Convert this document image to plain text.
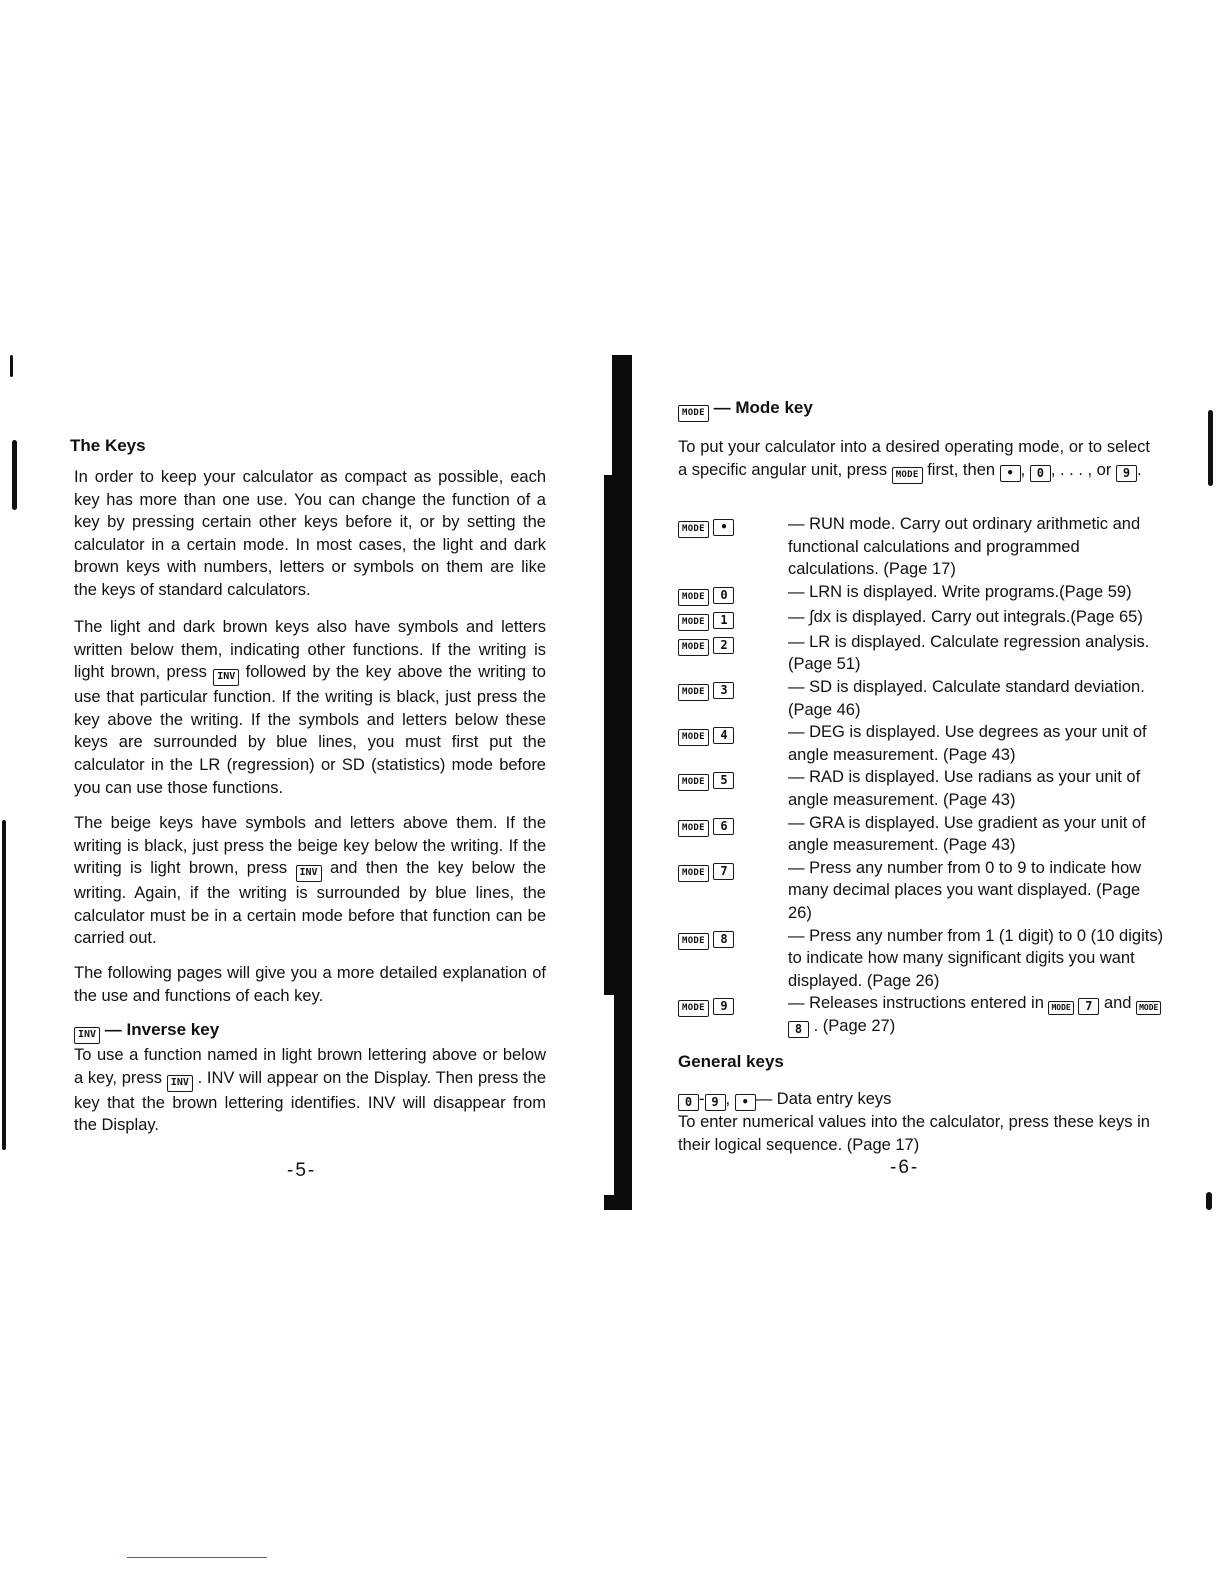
The Keys

In order to keep your calculator as compact as possible, each key has more than one use. You can change the function of a key by pressing certain other keys before it, or by setting the calculator in a certain mode. In most cases, the light and dark brown keys with numbers, letters or symbols on them are like the keys of standard calculators.

The light and dark brown keys also have symbols and letters written below them, indicating other functions. If the writing is light brown, press INV followed by the key above the writing to use that particular function. If the writing is black, just press the key above the writing. If the symbols and letters below these keys are surrounded by blue lines, you must first put the calculator in the LR (regression) or SD (statistics) mode before you can use those functions.

The beige keys have symbols and letters above them. If the writing is black, just press the beige key below the writing. If the writing is light brown, press INV and then the key below the writing. Again, if the writing is surrounded by blue lines, the calculator must be in a certain mode before that function can be carried out.

The following pages will give you a more detailed explanation of the use and functions of each key.

INV — Inverse key

To use a function named in light brown lettering above or below a key, press INV . INV will appear on the Display. Then press the key that the brown lettering identifies. INV will disappear from the Display.

-5-
MODE — Mode key

To put your calculator into a desired operating mode, or to select a specific angular unit, press MODE first, then • , 0 , . . . , or 9 .

MODE •	— RUN mode. Carry out ordinary arithmetic and functional calculations and programmed calculations. (Page 17)

MODE 0	— LRN is displayed. Write programs.(Page 59)

MODE 1	— ∫dx is displayed. Carry out integrals.(Page 65)

MODE 2	— LR is displayed. Calculate regression analysis. (Page 51)

MODE 3	— SD is displayed. Calculate standard deviation. (Page 46)

MODE 4	— DEG is displayed. Use degrees as your unit of angle measurement. (Page 43)

MODE 5	— RAD is displayed. Use radians as your unit of angle measurement. (Page 43)

MODE 6	— GRA is displayed. Use gradient as your unit of angle measurement. (Page 43)

MODE 7	— Press any number from 0 to 9 to indicate how many decimal places you want displayed. (Page 26)

MODE 8	— Press any number from 1 (1 digit) to 0 (10 digits) to indicate how many significant digits you want displayed. (Page 26)

MODE 9	— Releases instructions entered in MODE 7 and MODE 8 . (Page 27)

General keys

0 - 9 , • — Data entry keys

To enter numerical values into the calculator, press these keys in their logical sequence. (Page 17)

-6-
